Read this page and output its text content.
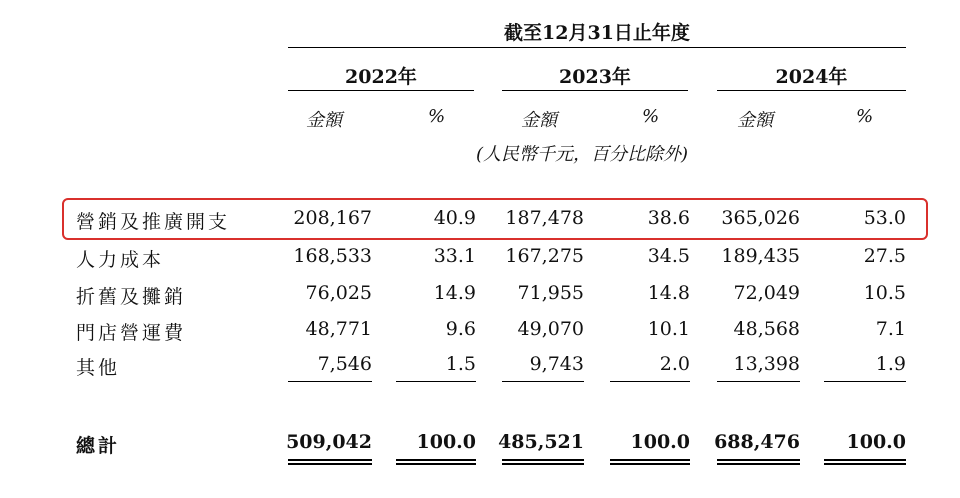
截至12月31日止年度
2022年	2023年	2024年
金額	%	金額	%	金額	%
(人民幣千元，百分比除外)
營銷及推廣開支	208,167	40.9 187,478	38.6 365,026	53.0
人力成本	168,533	33.1 167,275	34.5 189,435	27.5
折舊及攤銷	76,025	14.9 71,955	14.8 72,049	10.5
門店營運費	48,771	9.6 49,070	10.1 48,568	7.1
其他	7,546	1.5	9,743	2.0 13,398	1.9
總計	509,042 100.0 485,521 100.0 688,476 100.0
